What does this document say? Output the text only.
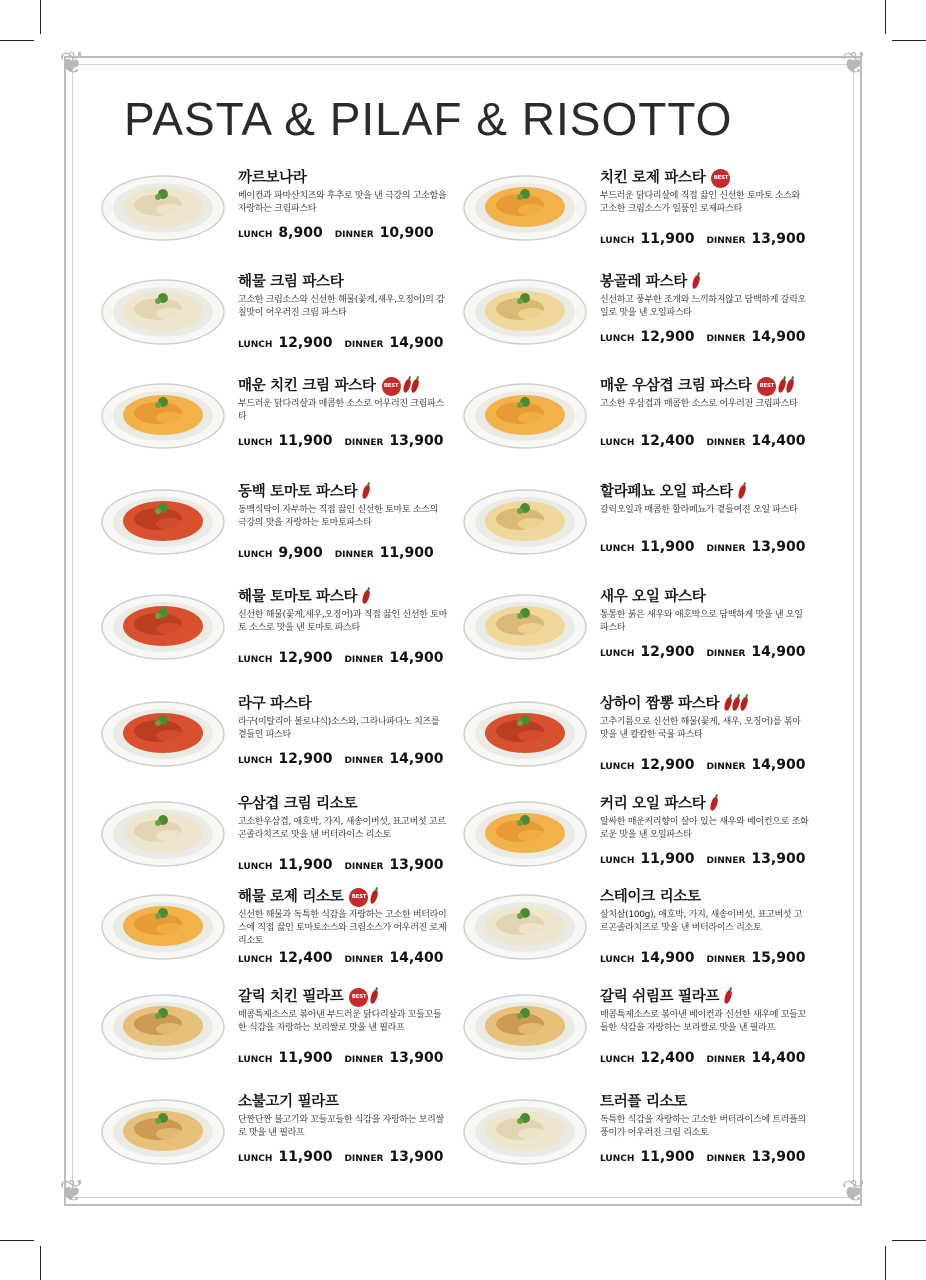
❦	❦
❦	❦
PASTA & PILAF & RISOTTO
까르보나라
베이컨과 파마산치즈와 후추로 맛을 낸 극강의 고소함을 자랑하는 크림파스타
LUNCH 8,900 DINNER 10,900
해물 크림 파스타
고소한 크림소스와 신선한 해물(꽃게,새우,오징어)의 감칠맛이 어우러진 크림 파스타
LUNCH 12,900 DINNER 14,900
매운 치킨 크림 파스타 BEST
부드러운 닭다리살과 매콤한 소스로 어우러진 크림파스타
LUNCH 11,900 DINNER 13,900
동백 토마토 파스타
동백식탁이 자부하는 직접 끓인 신선한 토마토 소스의 극강의 맛을 자랑하는 토마토파스타
LUNCH 9,900 DINNER 11,900
해물 토마토 파스타
신선한 해물(꽃게,새우,오징어)과 직접 끓인 신선한 토마토 소스로 맛을 낸 토마토 파스타
LUNCH 12,900 DINNER 14,900
라구 파스타
라구(이탈리아 볼로냐식)소스와, 그라나파다노 치즈를 곁들인 파스타
LUNCH 12,900 DINNER 14,900
우삼겹 크림 리소토
고소한우삼겹, 애호박, 가지, 새송이버섯, 표고버섯 고르곤졸라치즈로 맛을 낸 버터라이스 리소토
LUNCH 11,900 DINNER 13,900
해물 로제 리소토 BEST
신선한 해물과 독특한 식감을 자랑하는 고소한 버터라이스에 직접 끓인 토마토소스와 크림소스가 어우러진 로제 리소토
LUNCH 12,400 DINNER 14,400
갈릭 치킨 필라프 BEST
매콤특제소스로 볶아낸 부드러운 닭다리살과 꼬들꼬들한 식감을 자랑하는 보리쌀로 맛을 낸 필라프
LUNCH 11,900 DINNER 13,900
소불고기 필라프
단짠단짠 불고기와 꼬들꼬들한 식감을 자랑하는 보리쌀로 맛을 낸 필라프
LUNCH 11,900 DINNER 13,900
치킨 로제 파스타 BEST
부드러운 닭다리살에 직접 끓인 신선한 토마토 소스와 고소한 크림소스가 일품인 로제파스타
LUNCH 11,900 DINNER 13,900
봉골레 파스타
신선하고 풍부한 조개와 느끼하지않고 담백하게 갈릭오일로 맛을 낸 오일파스타
LUNCH 12,900 DINNER 14,900
매운 우삼겹 크림 파스타 BEST
고소한 우삼겹과 매콤한 소스로 어우러진 크림파스타
LUNCH 12,400 DINNER 14,400
할라페뇨 오일 파스타
갈릭오일과 매콤한 할라페뇨가 곁들여진 오일 파스타
LUNCH 11,900 DINNER 13,900
새우 오일 파스타
통통한 붉은 새우와 애호박으로 담백하게 맛을 낸 오일 파스타
LUNCH 12,900 DINNER 14,900
상하이 짬뽕 파스타
고추기름으로 신선한 해물(꽃게, 새우, 오징어)를 볶아 맛을 낸 칼칼한 국물 파스타
LUNCH 12,900 DINNER 14,900
커리 오일 파스타
알싸한 매운커리향이 살아 있는 새우와 베이컨으로 조화로운 맛을 낸 오일파스타
LUNCH 11,900 DINNER 13,900
스테이크 리소토
살치살(100g), 애호박, 가지, 새송이버섯, 표고버섯 고르곤졸라치즈로 맛을 낸 버터라이스 리소토
LUNCH 14,900 DINNER 15,900
갈릭 쉬림프 필라프
매콤특제소스로 볶아낸 베이컨과 신선한 새우에 꼬들꼬들한 식감을 자랑하는 보리쌀로 맛을 낸 필라프
LUNCH 12,400 DINNER 14,400
트러플 리소토
독특한 식감을 자랑하는 고소한 버터라이스에 트러플의 풍미가 어우러진 크림 리소토
LUNCH 11,900 DINNER 13,900
